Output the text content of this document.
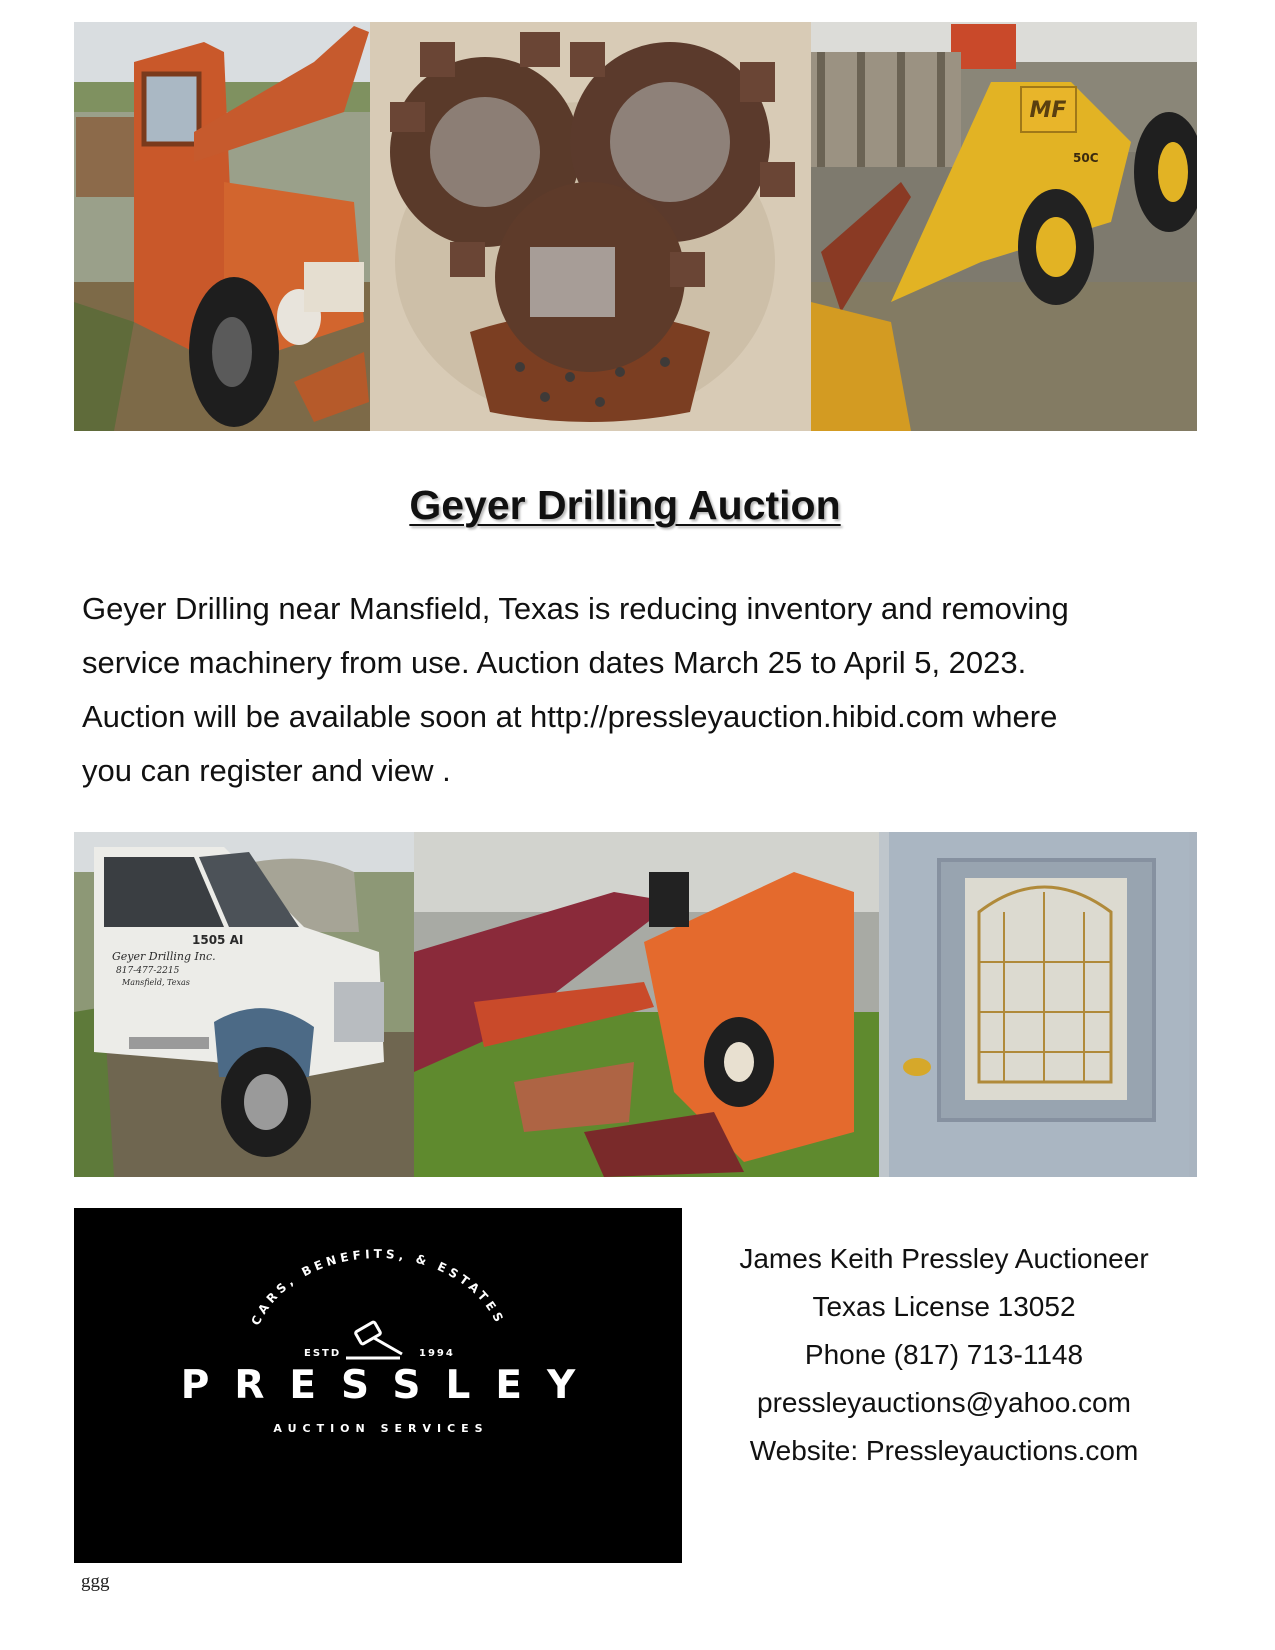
MF
50C
Geyer Drilling Auction

Geyer Drilling near Mansfield, Texas is reducing inventory and removing

service machinery from use. Auction dates March 25 to April 5, 2023.

Auction will be available soon at http://pressleyauction.hibid.com where

you can register and view .

Geyer Drilling Inc.
817-477-2215
Mansfield, Texas
1505 AI
CARS, BENEFITS, & ESTATES
ESTD	1994
PRESSLEY
AUCTION SERVICES
James Keith Pressley Auctioneer
Texas License 13052
Phone (817) 713-1148
pressleyauctions@yahoo.com
Website: Pressleyauctions.com
ggg
